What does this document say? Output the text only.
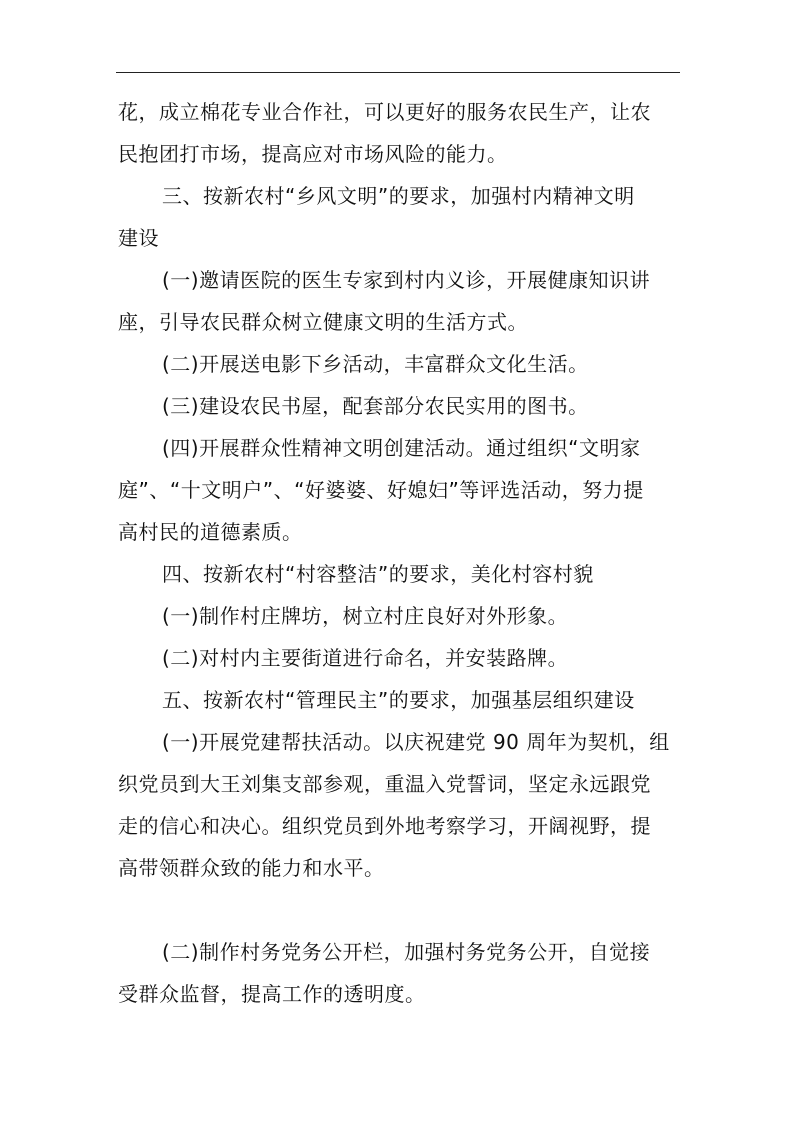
花，成立棉花专业合作社，可以更好的服务农民生产，让农
民抱团打市场，提高应对市场风险的能力。
三、按新农村“乡风文明”的要求，加强村内精神文明
建设
(一)邀请医院的医生专家到村内义诊，开展健康知识讲
座，引导农民群众树立健康文明的生活方式。
(二)开展送电影下乡活动，丰富群众文化生活。
(三)建设农民书屋，配套部分农民实用的图书。
(四)开展群众性精神文明创建活动。通过组织“文明家
庭”、“十文明户”、“好婆婆、好媳妇”等评选活动，努力提
高村民的道德素质。
四、按新农村“村容整洁”的要求，美化村容村貌
(一)制作村庄牌坊，树立村庄良好对外形象。
(二)对村内主要街道进行命名，并安装路牌。
五、按新农村“管理民主”的要求，加强基层组织建设
(一)开展党建帮扶活动。以庆祝建党 90 周年为契机，组
织党员到大王刘集支部参观，重温入党誓词，坚定永远跟党
走的信心和决心。组织党员到外地考察学习，开阔视野，提
高带领群众致的能力和水平。
(二)制作村务党务公开栏，加强村务党务公开，自觉接
受群众监督，提高工作的透明度。
